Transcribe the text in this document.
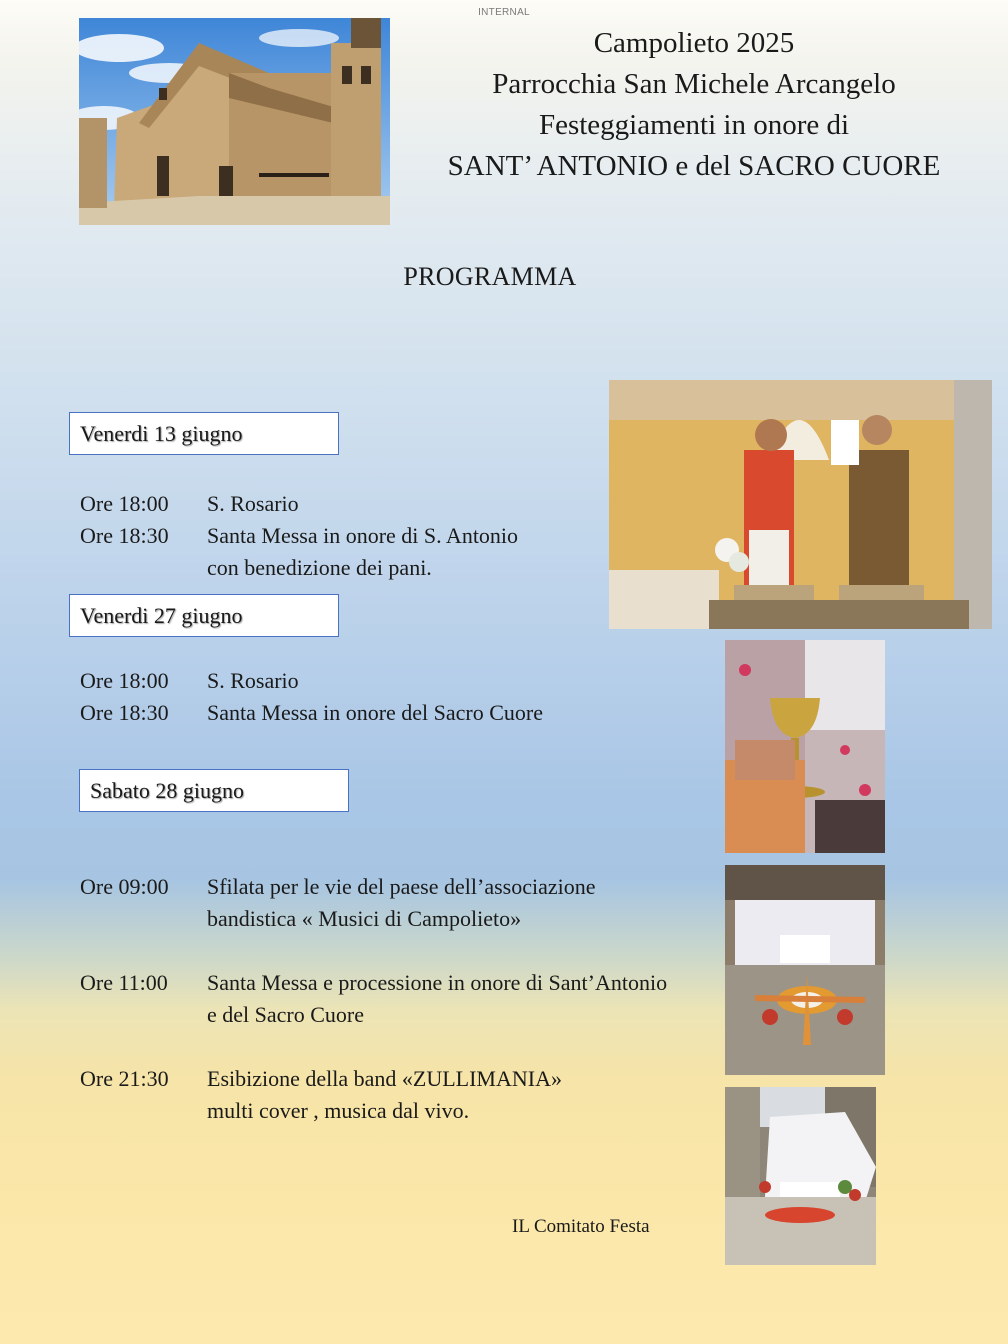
INTERNAL
Campolieto 2025
Parrocchia San Michele Arcangelo
Festeggiamenti in onore di
SANT’ ANTONIO e del SACRO CUORE
PROGRAMMA
Venerdi 13 giugno
Ore 18:00 S. Rosario
Ore 18:30 Santa Messa in onore di S. Antonio
con benedizione dei pani.
Venerdi 27 giugno
Ore 18:00 S. Rosario
Ore 18:30 Santa Messa in onore del Sacro Cuore
Sabato 28 giugno
Ore 09:00 Sfilata per le vie del paese dell’associazione
bandistica « Musici di Campolieto»
Ore 11:00 Santa Messa e processione in onore di Sant’Antonio
e del Sacro Cuore
Ore 21:30 Esibizione della band «ZULLIMANIA»
multi cover , musica dal vivo.
IL Comitato Festa
